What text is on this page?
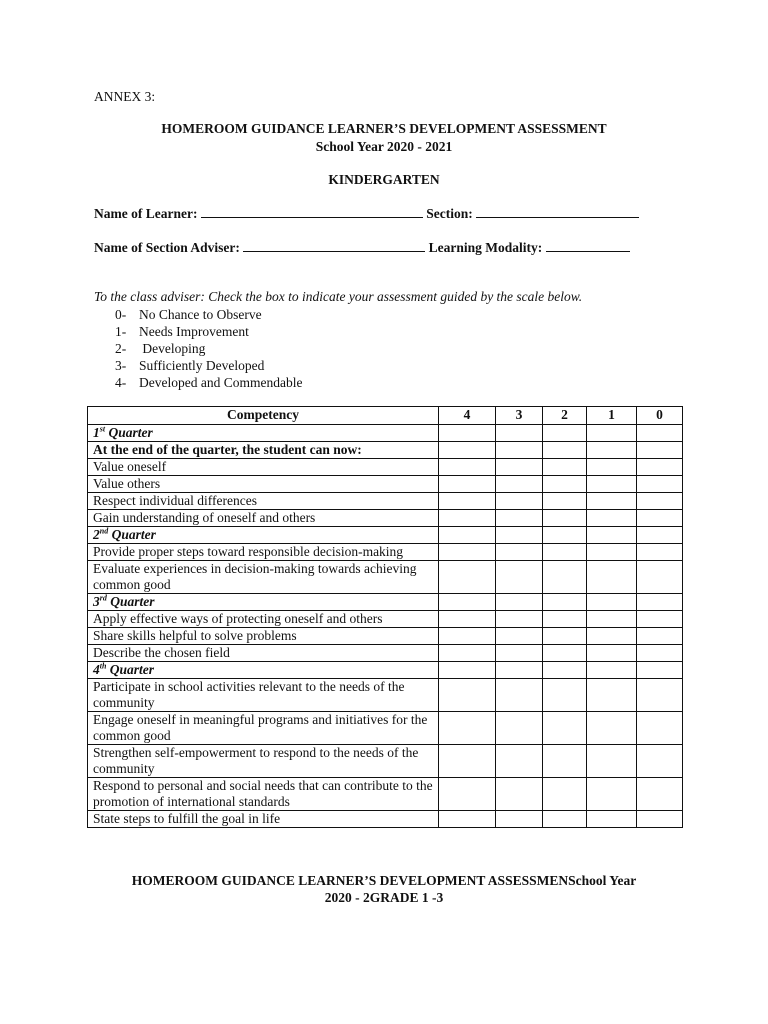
ANNEX 3:
HOMEROOM GUIDANCE LEARNER’S DEVELOPMENT ASSESSMENT
School Year 2020 - 2021
KINDERGARTEN
Name of Learner:	Section:
Name of Section Adviser:	Learning Modality:
To the class adviser: Check the box to indicate your assessment guided by the scale below.
0- No Chance to Observe
1- Needs Improvement
2- Developing
3- Sufficiently Developed
4- Developed and Commendable
Competency	4	3	2	1	0
1st Quarter					
At the end of the quarter, the student can now:					
Value oneself					
Value others					
Respect individual differences					
Gain understanding of oneself and others					
2nd Quarter					
Provide proper steps toward responsible decision-making					
Evaluate experiences in decision-making towards achieving common good					
3rd Quarter					
Apply effective ways of protecting oneself and others					
Share skills helpful to solve problems					
Describe the chosen field					
4th Quarter					
Participate in school activities relevant to the needs of the community					
Engage oneself in meaningful programs and initiatives for the common good					
Strengthen self-empowerment to respond to the needs of the community					
Respond to personal and social needs that can contribute to the promotion of international standards					
State steps to fulfill the goal in life					
HOMEROOM GUIDANCE LEARNER’S DEVELOPMENT ASSESSMENSchool Year
2020 - 2GRADE 1 -3
